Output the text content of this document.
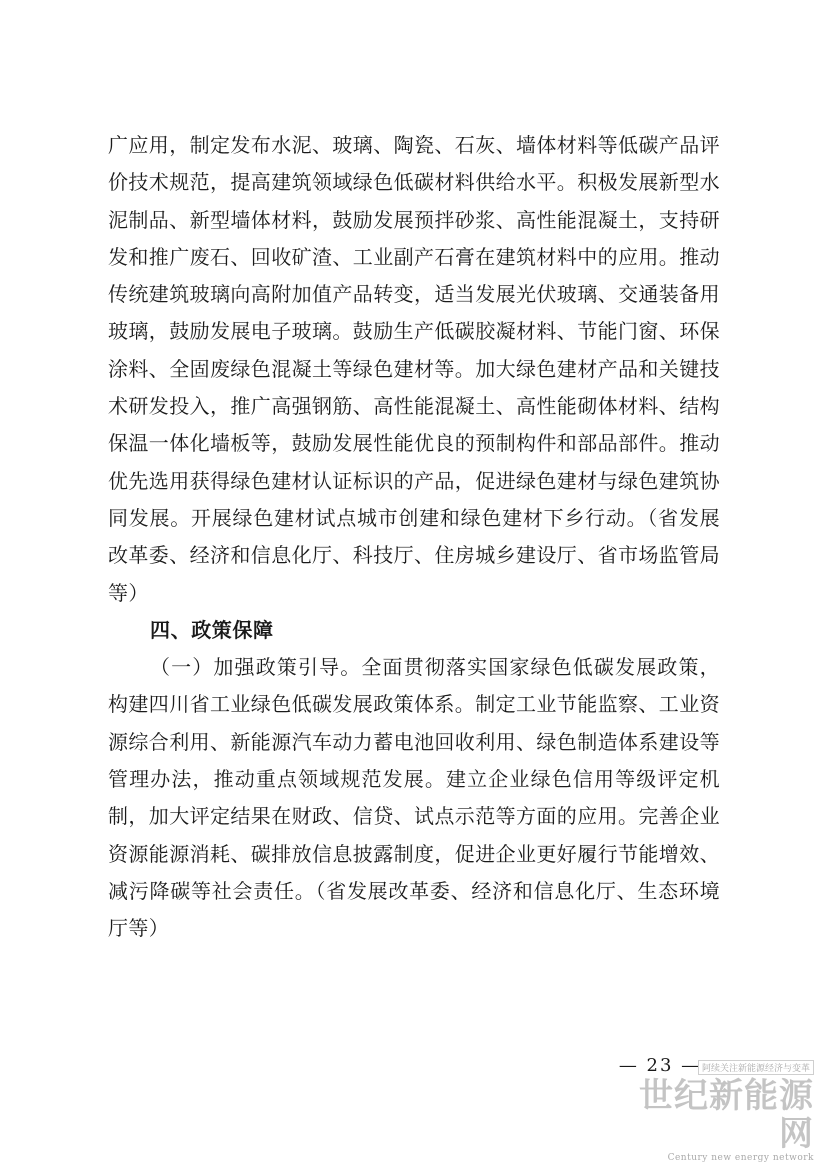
广应用，制定发布水泥、玻璃、陶瓷、石灰、墙体材料等低碳产品评价技术规范，提高建筑领域绿色低碳材料供给水平。积极发展新型水泥制品、新型墙体材料，鼓励发展预拌砂浆、高性能混凝土，支持研发和推广废石、回收矿渣、工业副产石膏在建筑材料中的应用。推动传统建筑玻璃向高附加值产品转变，适当发展光伏玻璃、交通装备用玻璃，鼓励发展电子玻璃。鼓励生产低碳胶凝材料、节能门窗、环保涂料、全固废绿色混凝土等绿色建材等。加大绿色建材产品和关键技术研发投入，推广高强钢筋、高性能混凝土、高性能砌体材料、结构保温一体化墙板等，鼓励发展性能优良的预制构件和部品部件。推动优先选用获得绿色建材认证标识的产品，促进绿色建材与绿色建筑协同发展。开展绿色建材试点城市创建和绿色建材下乡行动。（省发展改革委、经济和信息化厅、科技厅、住房城乡建设厅、省市场监管局等）

四、政策保障

（一）加强政策引导。全面贯彻落实国家绿色低碳发展政策，构建四川省工业绿色低碳发展政策体系。制定工业节能监察、工业资源综合利用、新能源汽车动力蓄电池回收利用、绿色制造体系建设等管理办法，推动重点领域规范发展。建立企业绿色信用等级评定机制，加大评定结果在财政、信贷、试点示范等方面的应用。完善企业资源能源消耗、碳排放信息披露制度，促进企业更好履行节能增效、减污降碳等社会责任。（省发展改革委、经济和信息化厅、生态环境厅等）

— 23 — 阿续关注新能源经济与变革
世纪新能源网
Century new energy network
